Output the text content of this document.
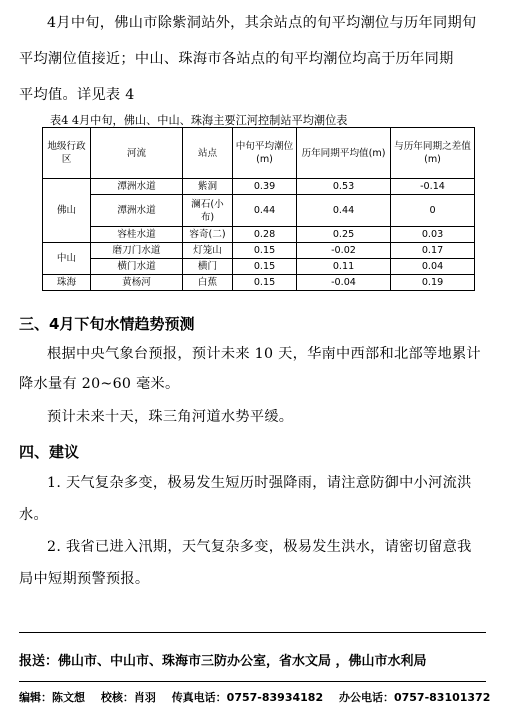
4月中旬，佛山市除紫洞站外，其余站点的旬平均潮位与历年同期旬

平均潮位值接近；中山、珠海市各站点的旬平均潮位均高于历年同期

平均值。详见表 4

表4 4月中旬，佛山、中山、珠海主要江河控制站平均潮位表
地级行政区	河流	站点	中旬平均潮位(m)	历年同期平均值(m)	与历年同期之差值(m)
佛山	潭洲水道	紫洞	0.39	0.53	-0.14
	潭洲水道	澜石(小布)	0.44	0.44	0
	容桂水道	容奇(二)	0.28	0.25	0.03
中山	磨刀门水道	灯笼山	0.15	-0.02	0.17
	横门水道	横门	0.15	0.11	0.04
珠海	黄杨河	白蕉	0.15	-0.04	0.19
三、4月下旬水情趋势预测

根据中央气象台预报，预计未来 10 天，华南中西部和北部等地累计

降水量有 20~60 毫米。

预计未来十天，珠三角河道水势平缓。

四、建议

1. 天气复杂多变，极易发生短历时强降雨，请注意防御中小河流洪

水。

2. 我省已进入汛期，天气复杂多变，极易发生洪水，请密切留意我

局中短期预警预报。

报送：佛山市、中山市、珠海市三防办公室，省水文局 ，佛山市水利局
编辑：陈文想 校核：肖羽 传真电话：0757-83934182 办公电话：0757-83101372
